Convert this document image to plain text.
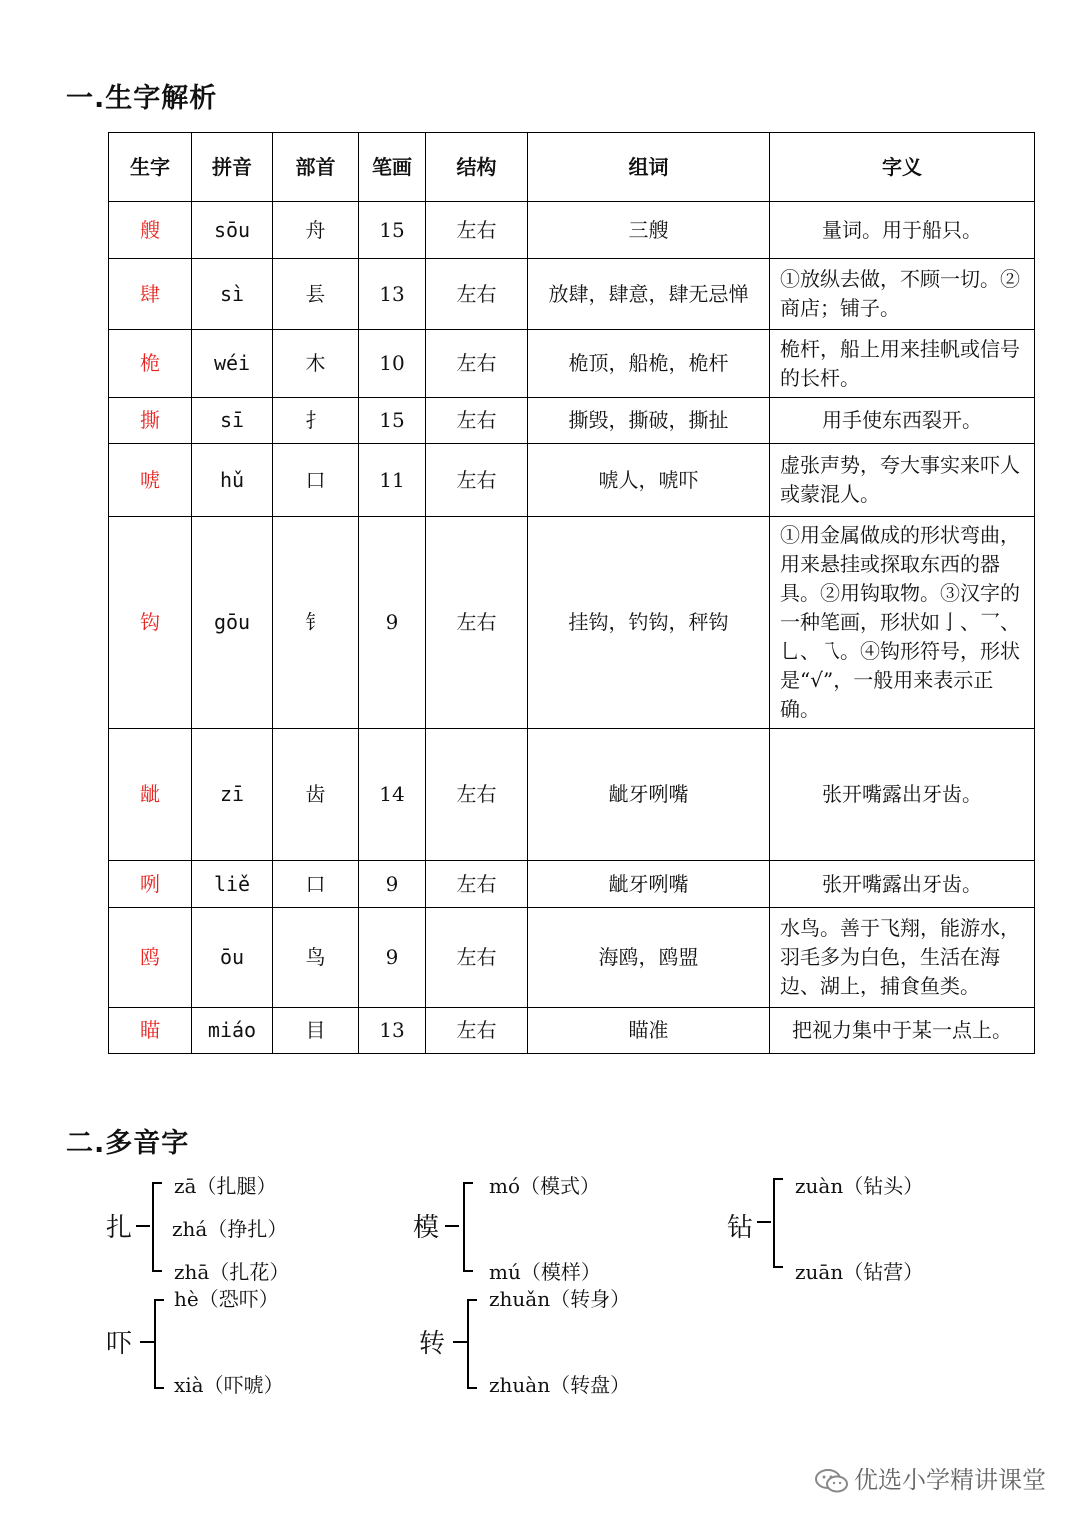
一.生字解析
生字	拼音	部首	笔画	结构	组词	字义
艘	sōu	舟	15	左右	三艘	量词。用于船只。
肆	sì	镸	13	左右	放肆，肆意，肆无忌惮	①放纵去做，不顾一切。②商店；铺子。
桅	wéi	木	10	左右	桅顶，船桅，桅杆	桅杆，船上用来挂帆或信号的长杆。
撕	sī	扌	15	左右	撕毁，撕破，撕扯	用手使东西裂开。
唬	hǔ	口	11	左右	唬人，唬吓	虚张声势，夸大事实来吓人或蒙混人。
钩	gōu	钅	9	左右	挂钩，钓钩，秤钩	①用金属做成的形状弯曲，用来悬挂或探取东西的器具。②用钩取物。③汉字的一种笔画，形状如亅、乛、乚、乁。④钩形符号，形状是“√”，一般用来表示正确。
龇	zī	齿	14	左右	龇牙咧嘴	张开嘴露出牙齿。
咧	liě	口	9	左右	龇牙咧嘴	张开嘴露出牙齿。
鸥	ōu	鸟	9	左右	海鸥，鸥盟	水鸟。善于飞翔，能游水，羽毛多为白色，生活在海边、湖上，捕食鱼类。
瞄	miáo	目	13	左右	瞄准	把视力集中于某一点上。
二.多音字
扎
zā（扎腿）
zhá（挣扎）
zhā（扎花）
模
mó（模式）
mú（模样）
钻
zuàn（钻头）
zuān（钻营）
吓
hè（恐吓）
xià（吓唬）
转
zhuǎn（转身）
zhuàn（转盘）
优选小学精讲课堂
